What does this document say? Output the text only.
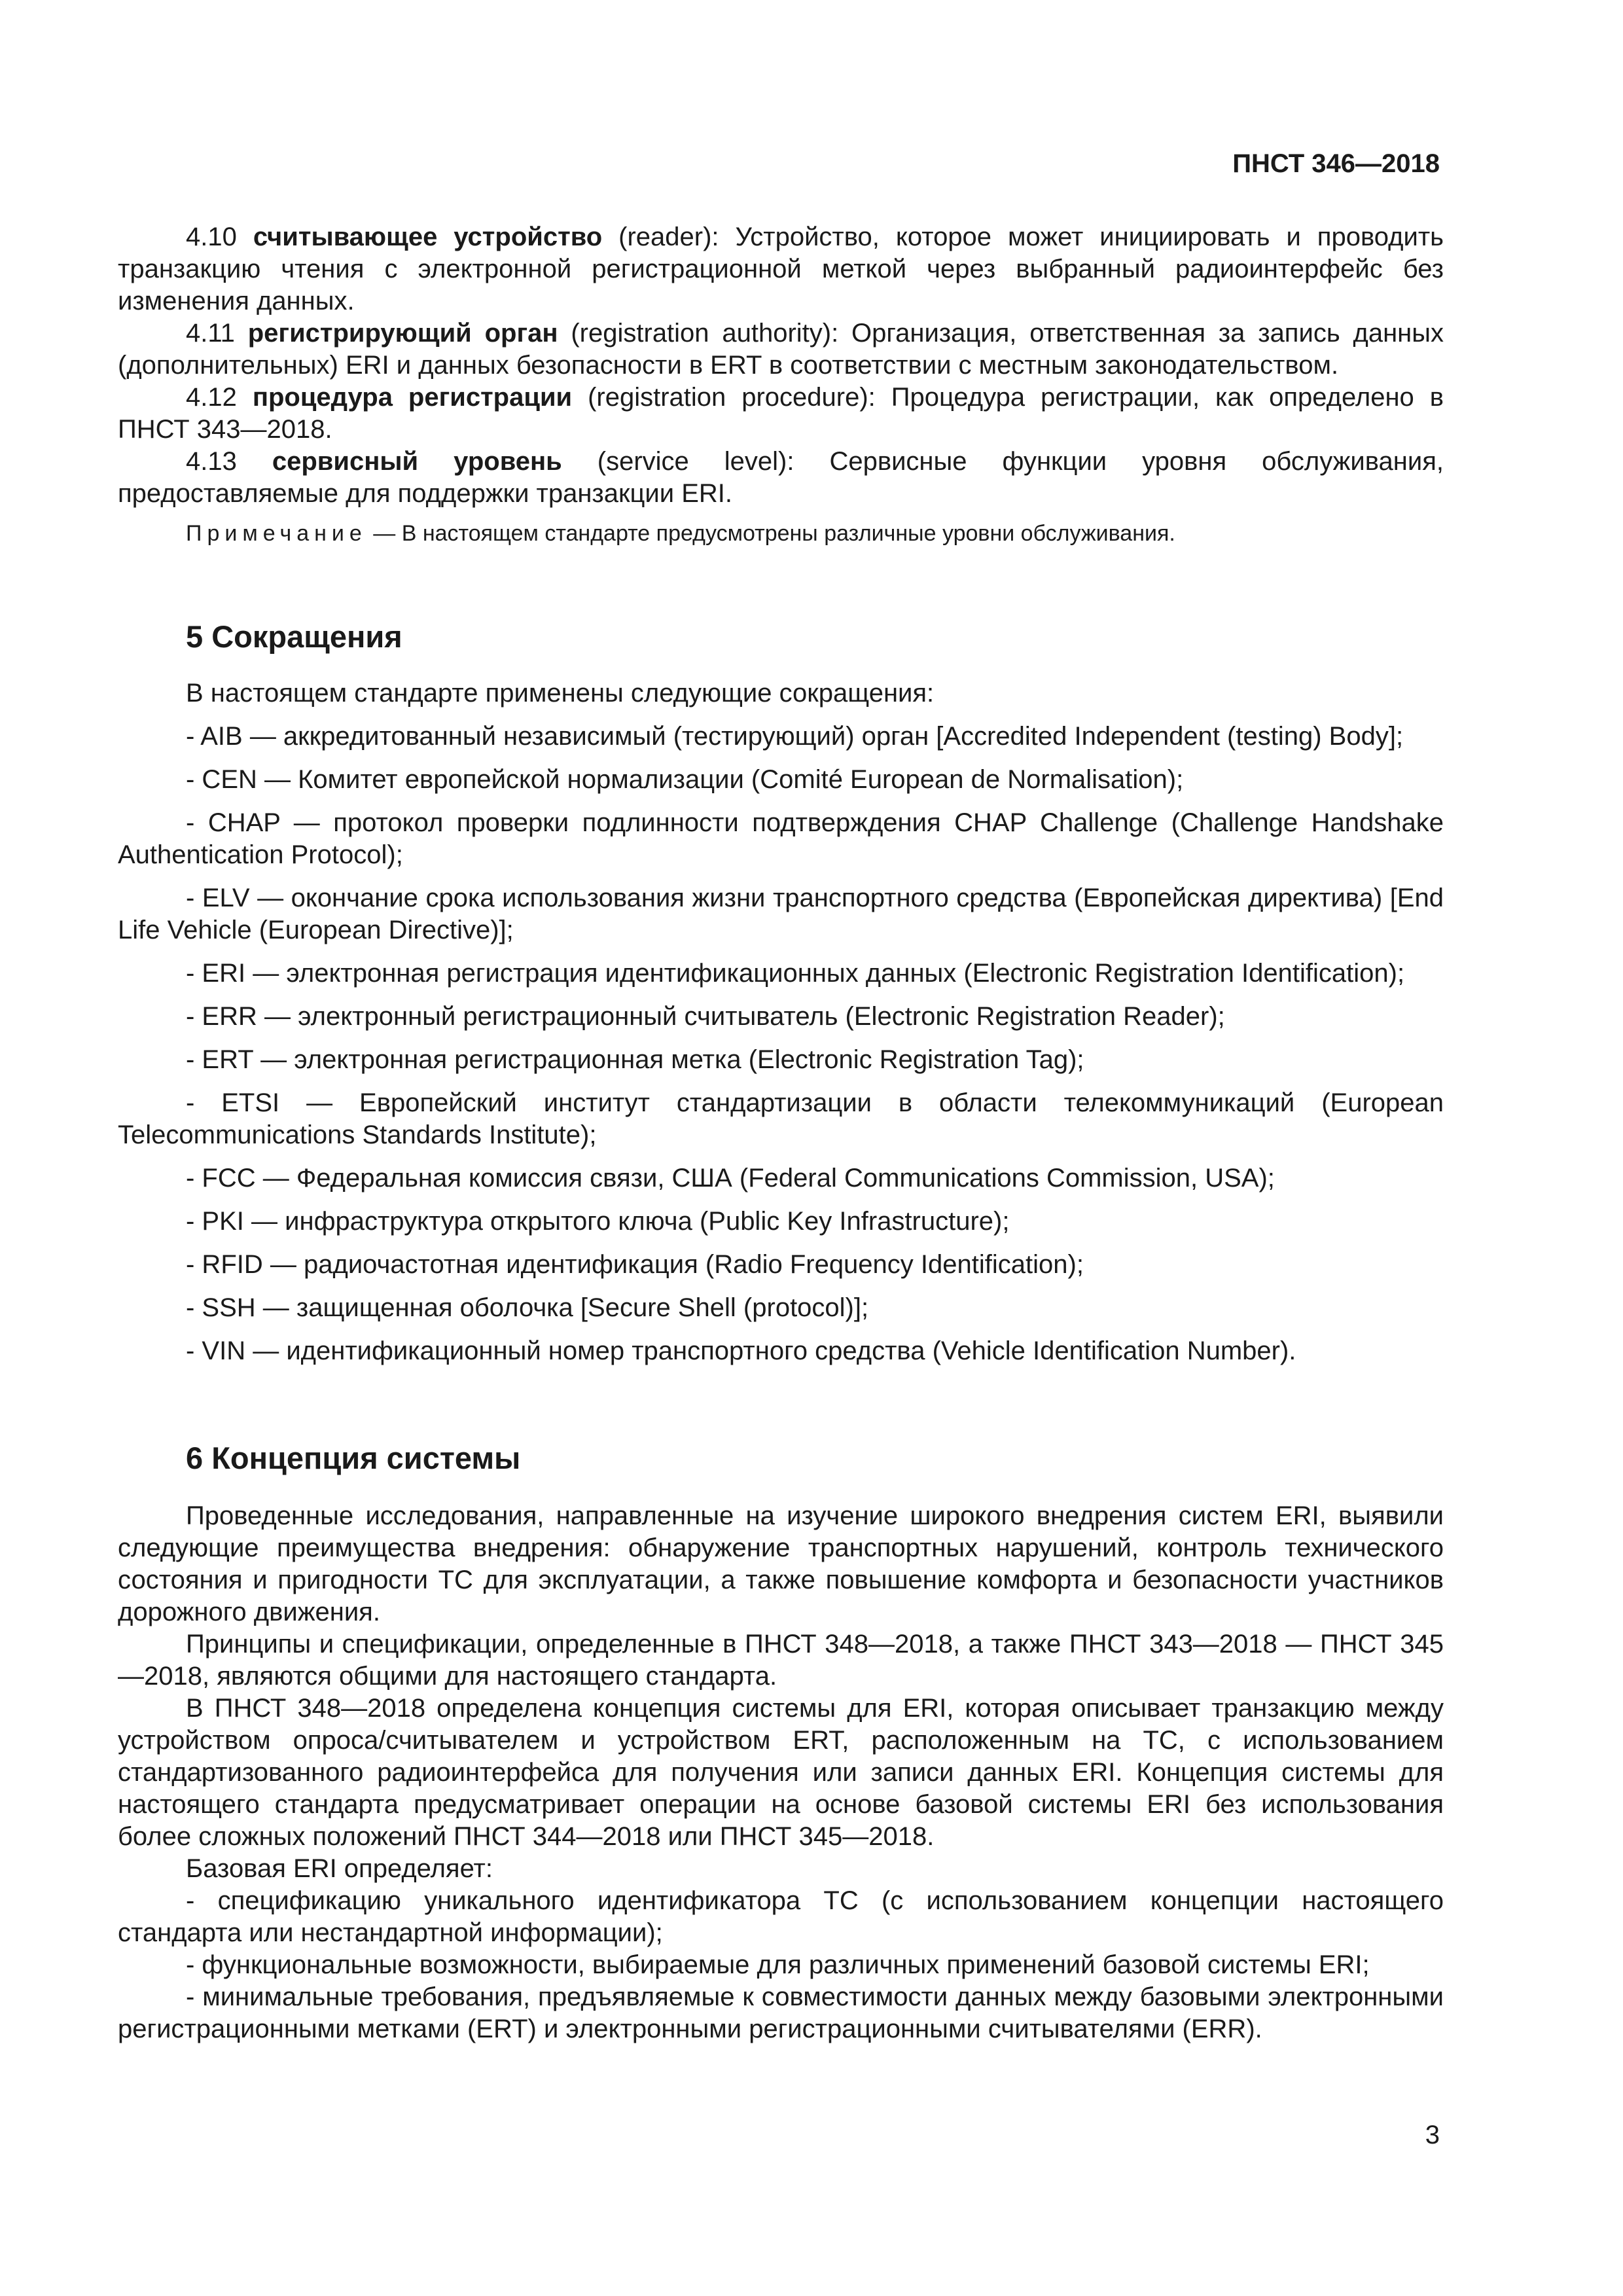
ПНСТ 346—2018

4.10 считывающее устройство (reader): Устройство, которое может инициировать и проводить транзакцию чтения с электронной регистрационной меткой через выбранный радиоинтерфейс без изменения данных.

4.11 регистрирующий орган (registration authority): Организация, ответственная за запись данных (дополнительных) ERI и данных безопасности в ERT в соответствии с местным законодательством.

4.12 процедура регистрации (registration procedure): Процедура регистрации, как определено в ПНСТ 343—2018.

4.13 сервисный уровень (service level): Сервисные функции уровня обслуживания, предоставляемые для поддержки транзакции ERI.

Примечание — В настоящем стандарте предусмотрены различные уровни обслуживания.

5 Сокращения

В настоящем стандарте применены следующие сокращения:

- AIB — аккредитованный независимый (тестирующий) орган [Accredited Independent (testing) Body];

- CEN — Комитет европейской нормализации (Comité European de Normalisation);

- CHAP — протокол проверки подлинности подтверждения CHAP Challenge (Challenge Handshake Authentication Protocol);

- ELV — окончание срока использования жизни транспортного средства (Европейская директива) [End Life Vehicle (European Directive)];

- ERI — электронная регистрация идентификационных данных (Electronic Registration Identification);

- ERR — электронный регистрационный считыватель (Electronic Registration Reader);

- ERT — электронная регистрационная метка (Electronic Registration Tag);

- ETSI — Европейский институт стандартизации в области телекоммуникаций (European Telecommunications Standards Institute);

- FCC — Федеральная комиссия связи, США (Federal Communications Commission, USA);

- PKI — инфраструктура открытого ключа (Public Key Infrastructure);

- RFID — радиочастотная идентификация (Radio Frequency Identification);

- SSH — защищенная оболочка [Secure Shell (protocol)];

- VIN — идентификационный номер транспортного средства (Vehicle Identification Number).

6 Концепция системы

Проведенные исследования, направленные на изучение широкого внедрения систем ERI, выявили следующие преимущества внедрения: обнаружение транспортных нарушений, контроль технического состояния и пригодности ТС для эксплуатации, а также повышение комфорта и безопасности участников дорожного движения.

Принципы и спецификации, определенные в ПНСТ 348—2018, а также ПНСТ 343—2018 — ПНСТ 345—2018, являются общими для настоящего стандарта.

В ПНСТ 348—2018 определена концепция системы для ERI, которая описывает транзакцию между устройством опроса/считывателем и устройством ERT, расположенным на ТС, с использованием стандартизованного радиоинтерфейса для получения или записи данных ERI. Концепция системы для настоящего стандарта предусматривает операции на основе базовой системы ERI без использования более сложных положений ПНСТ 344—2018 или ПНСТ 345—2018.

Базовая ERI определяет:

- спецификацию уникального идентификатора ТС (с использованием концепции настоящего стандарта или нестандартной информации);

- функциональные возможности, выбираемые для различных применений базовой системы ERI;

- минимальные требования, предъявляемые к совместимости данных между базовыми электронными регистрационными метками (ERT) и электронными регистрационными считывателями (ERR).

3
